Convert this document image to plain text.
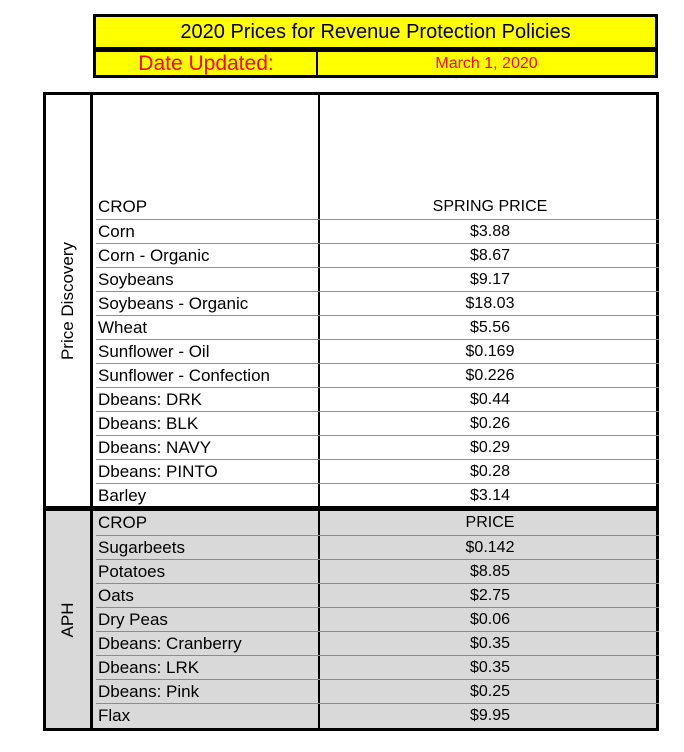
2020 Prices for Revenue Protection Policies
Date Updated:	March 1, 2020
Price Discovery
CROP	SPRING PRICE
Corn	$3.88
Corn - Organic	$8.67
Soybeans	$9.17
Soybeans - Organic	$18.03
Wheat	$5.56
Sunflower - Oil	$0.169
Sunflower - Confection	$0.226
Dbeans: DRK	$0.44
Dbeans: BLK	$0.26
Dbeans: NAVY	$0.29
Dbeans: PINTO	$0.28
Barley	$3.14
APH
CROP	PRICE
Sugarbeets	$0.142
Potatoes	$8.85
Oats	$2.75
Dry Peas	$0.06
Dbeans: Cranberry	$0.35
Dbeans: LRK	$0.35
Dbeans: Pink	$0.25
Flax	$9.95
